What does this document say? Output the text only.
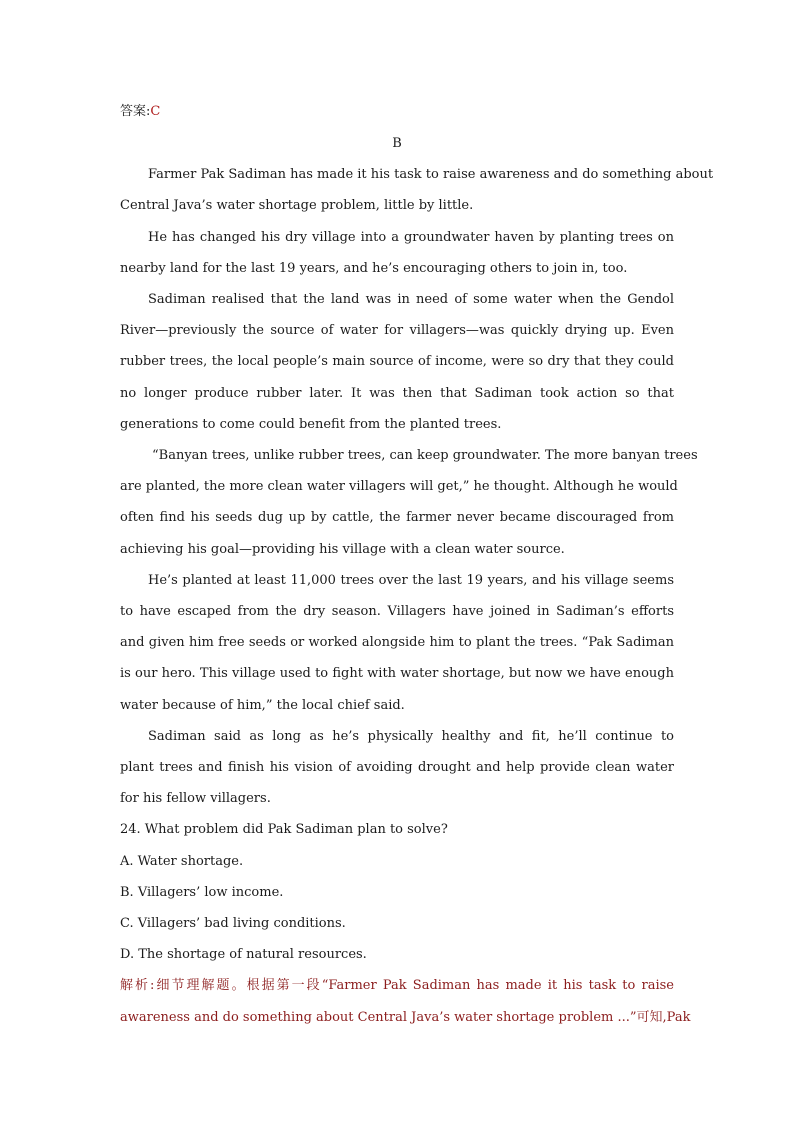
答案:C
B
Farmer Pak Sadiman has made it his task to raise awareness and do something about
Central Java’s water shortage problem, little by little.
He has changed his dry village into a groundwater haven by planting trees on
nearby land for the last 19 years, and he’s encouraging others to join in, too.
Sadiman realised that the land was in need of some water when the Gendol
River—previously the source of water for villagers—was quickly drying up. Even
rubber trees, the local people’s main source of income, were so dry that they could
no longer produce rubber later. It was then that Sadiman took action so that
generations to come could benefit from the planted trees.
“Banyan trees, unlike rubber trees, can keep groundwater. The more banyan trees
are planted, the more clean water villagers will get,” he thought. Although he would
often find his seeds dug up by cattle, the farmer never became discouraged from
achieving his goal—providing his village with a clean water source.
He’s planted at least 11,000 trees over the last 19 years, and his village seems
to have escaped from the dry season. Villagers have joined in Sadiman’s efforts
and given him free seeds or worked alongside him to plant the trees. “Pak Sadiman
is our hero. This village used to fight with water shortage, but now we have enough
water because of him,” the local chief said.
Sadiman said as long as he’s physically healthy and fit, he’ll continue to
plant trees and finish his vision of avoiding drought and help provide clean water
for his fellow villagers.
24. What problem did Pak Sadiman plan to solve?
A. Water shortage.
B. Villagers’ low income.
C. Villagers’ bad living conditions.
D. The shortage of natural resources.
解析:细节理解题。根据第一段“Farmer Pak Sadiman has made it his task to raise
awareness and do something about Central Java’s water shortage problem ...”可知,Pak
